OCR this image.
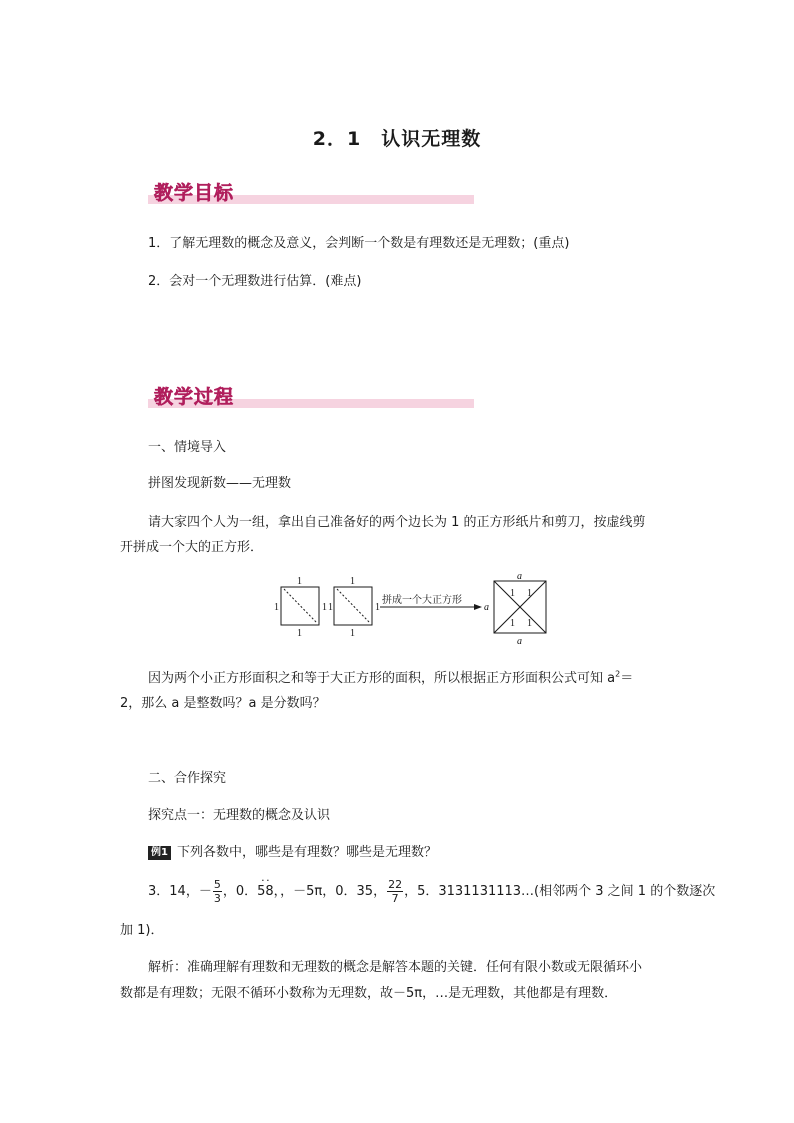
2．1　认识无理数
教学目标
1．了解无理数的概念及意义，会判断一个数是有理数还是无理数；(重点)
2．会对一个无理数进行估算．(难点)
教学过程
一、情境导入
拼图发现新数——无理数
请大家四个人为一组，拿出自己准备好的两个边长为 1 的正方形纸片和剪刀，按虚线剪
开拼成一个大的正方形．
1
1	1
1
1
1	1
1
拼成一个大正方形
a
a
a
1 1
1 1
因为两个小正方形面积之和等于大正方形的面积，所以根据正方形面积公式可知 $a^2=$
2，那么 a 是整数吗？a 是分数吗？
二、合作探究
探究点一：无理数的概念及认识
例1 下列各数中，哪些是有理数？哪些是无理数？
3．14，－ $\frac{5}{3}$ ，0．· · 58，，－5π，0．35， $\frac{22}{7}$ ，5．3131131113…(相邻两个 3 之间 1 的个数逐次
加 1)．
解析：准确理解有理数和无理数的概念是解答本题的关键．任何有限小数或无限循环小
数都是有理数；无限不循环小数称为无理数，故－5π，…是无理数，其他都是有理数．
